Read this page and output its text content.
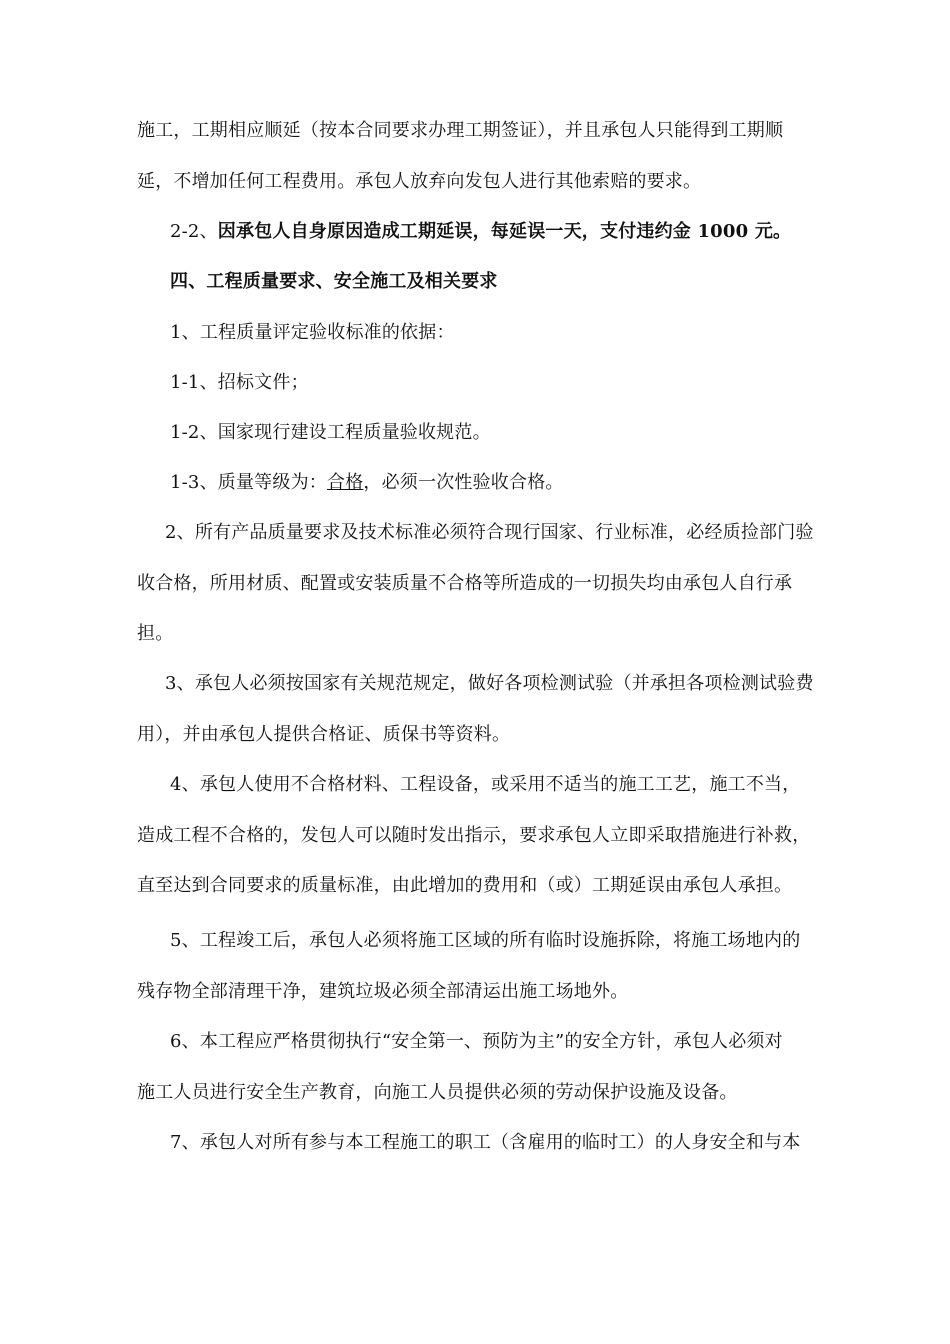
施工，工期相应顺延（按本合同要求办理工期签证），并且承包人只能得到工期顺
延，不增加任何工程费用。承包人放弃向发包人进行其他索赔的要求。
2-2、因承包人自身原因造成工期延误，每延误一天，支付违约金 1000 元。
四、工程质量要求、安全施工及相关要求
1、工程质量评定验收标准的依据：
1-1、招标文件；
1-2、国家现行建设工程质量验收规范。
1-3、质量等级为：合格，必须一次性验收合格。
2、所有产品质量要求及技术标准必须符合现行国家、行业标准，必经质捡部门验
收合格，所用材质、配置或安装质量不合格等所造成的一切损失均由承包人自行承
担。
3、承包人必须按国家有关规范规定，做好各项检测试验（并承担各项检测试验费
用），并由承包人提供合格证、质保书等资料。
4、承包人使用不合格材料、工程设备，或采用不适当的施工工艺，施工不当，
造成工程不合格的，发包人可以随时发出指示，要求承包人立即采取措施进行补救，
直至达到合同要求的质量标准，由此增加的费用和（或）工期延误由承包人承担。
5、工程竣工后，承包人必须将施工区域的所有临时设施拆除，将施工场地内的
残存物全部清理干净，建筑垃圾必须全部清运出施工场地外。
6、本工程应严格贯彻执行“安全第一、预防为主”的安全方针，承包人必须对
施工人员进行安全生产教育，向施工人员提供必须的劳动保护设施及设备。
7、承包人对所有参与本工程施工的职工（含雇用的临时工）的人身安全和与本
